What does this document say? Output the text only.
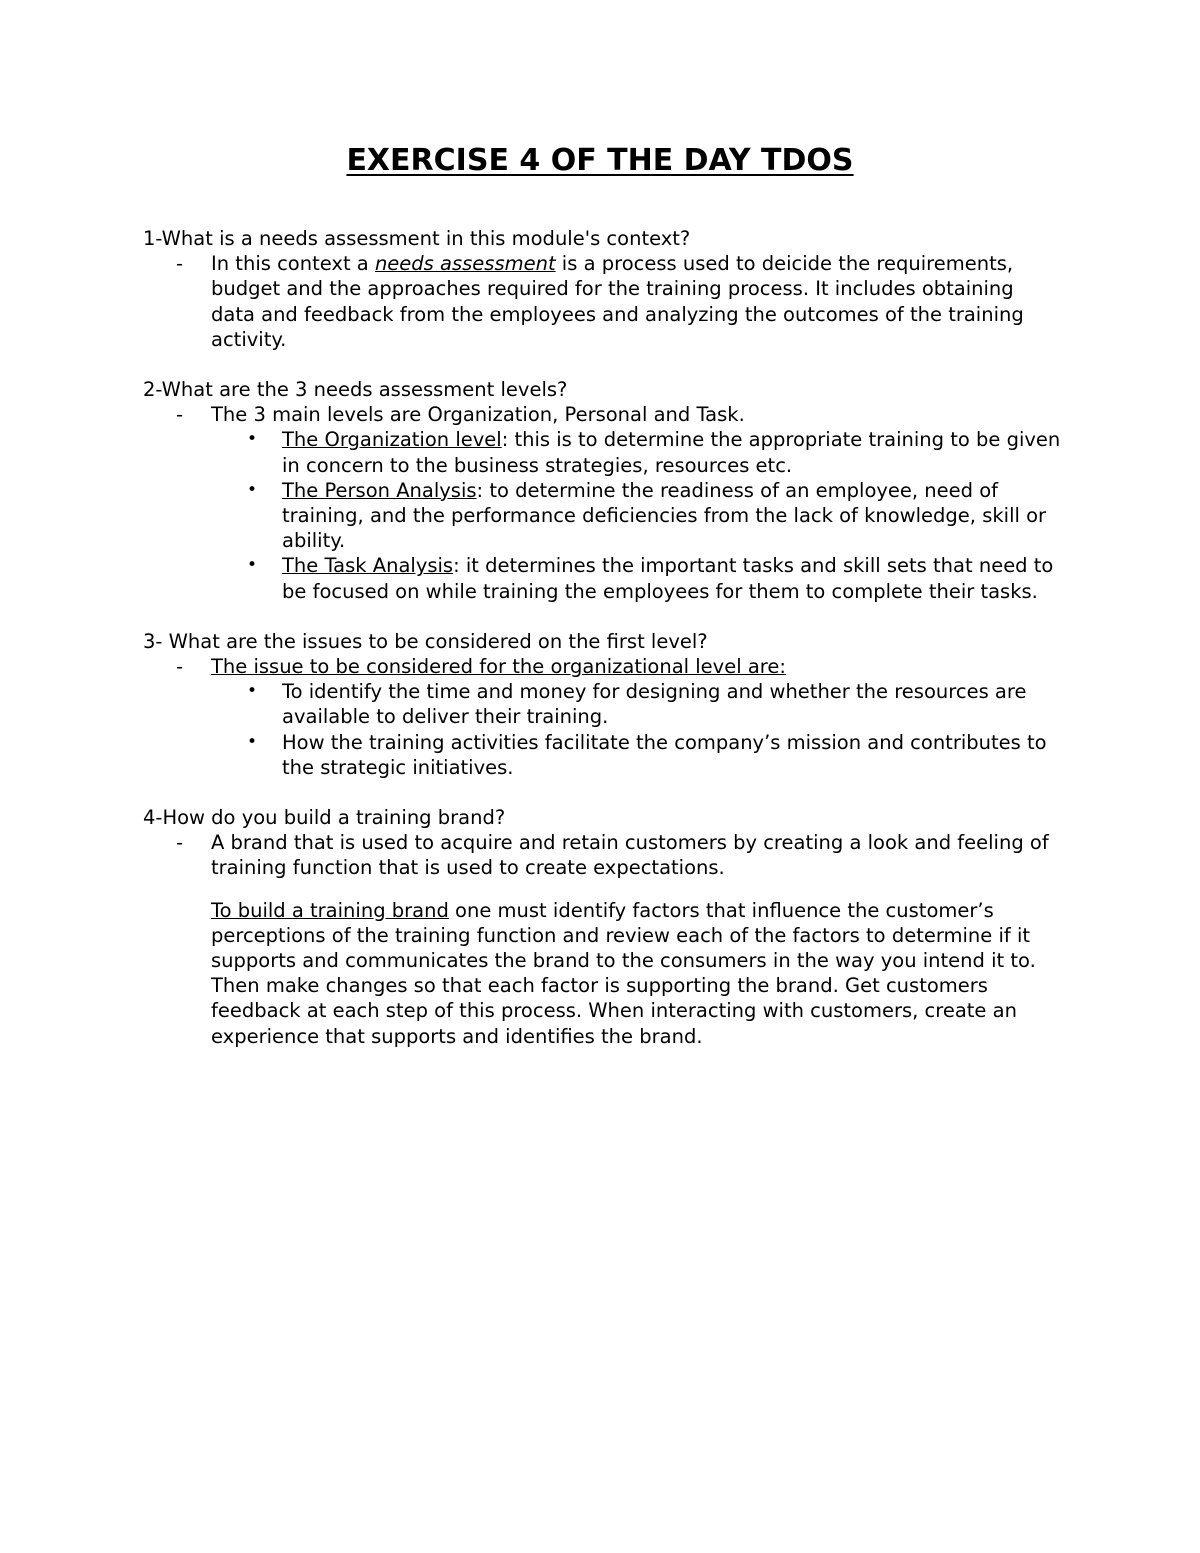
EXERCISE 4 OF THE DAY TDOS

1-What is a needs assessment in this module's context?

- In this context a needs assessment is a process used to deicide the requirements, budget and the approaches required for the training process. It includes obtaining data and feedback from the employees and analyzing the outcomes of the training activity.

2-What are the 3 needs assessment levels?

- The 3 main levels are Organization, Personal and Task.
• The Organization level: this is to determine the appropriate training to be given in concern to the business strategies, resources etc.
• The Person Analysis: to determine the readiness of an employee, need of training, and the performance deficiencies from the lack of knowledge, skill or ability.
• The Task Analysis: it determines the important tasks and skill sets that need to be focused on while training the employees for them to complete their tasks.

3- What are the issues to be considered on the first level?

- The issue to be considered for the organizational level are:
• To identify the time and money for designing and whether the resources are available to deliver their training.
• How the training activities facilitate the company’s mission and contributes to the strategic initiatives.

4-How do you build a training brand?

- A brand that is used to acquire and retain customers by creating a look and feeling of training function that is used to create expectations.
To build a training brand one must identify factors that influence the customer’s perceptions of the training function and review each of the factors to determine if it supports and communicates the brand to the consumers in the way you intend it to. Then make changes so that each factor is supporting the brand. Get customers feedback at each step of this process. When interacting with customers, create an experience that supports and identifies the brand.
